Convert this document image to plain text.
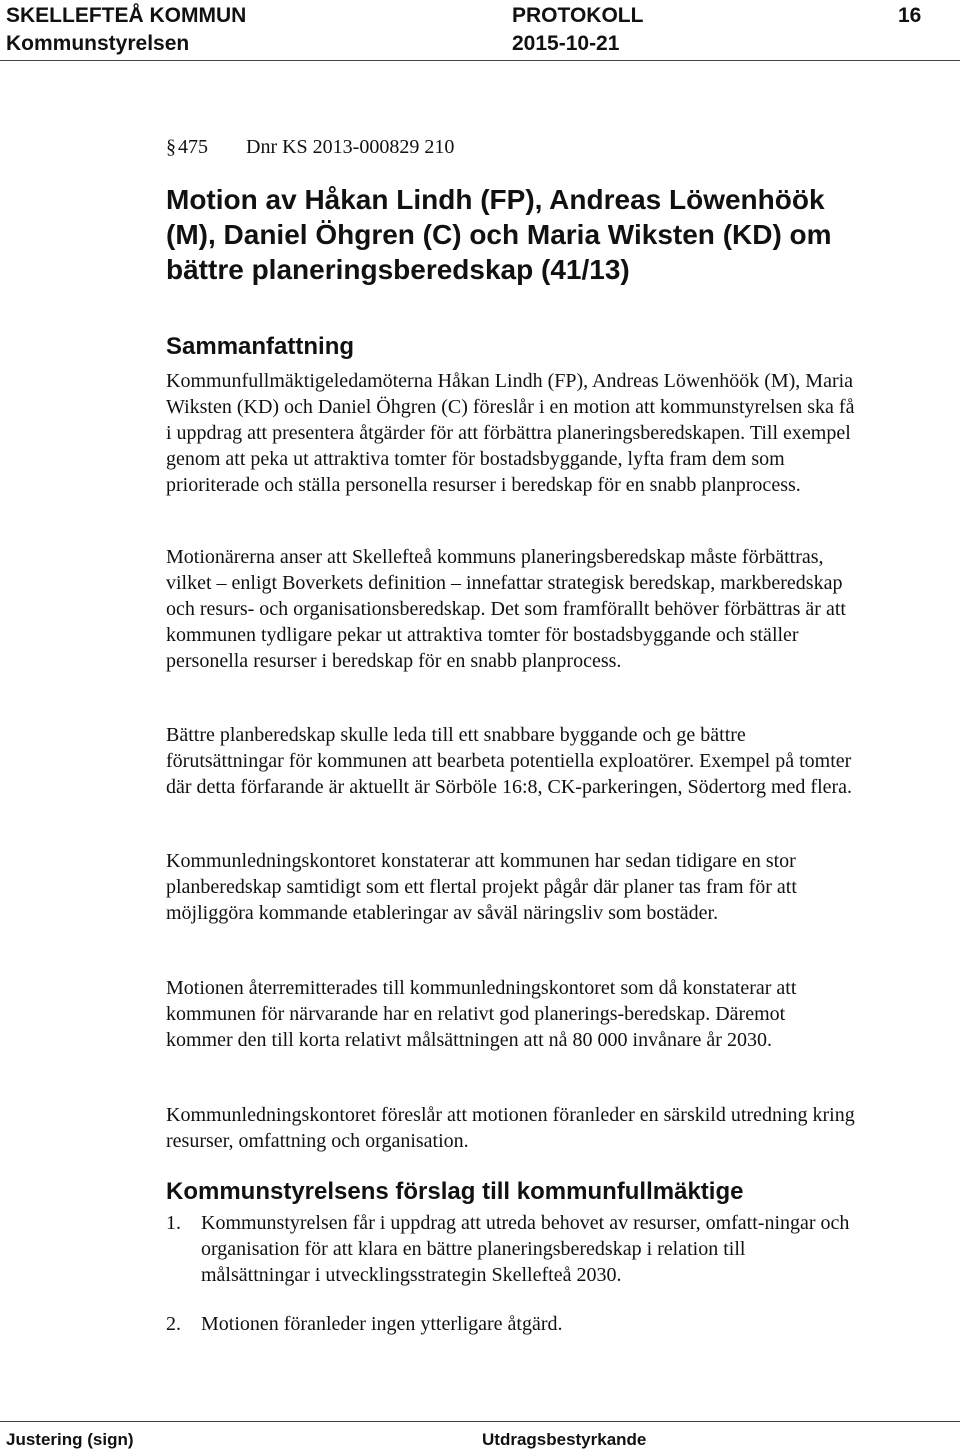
SKELLEFTEÅ KOMMUN	PROTOKOLL	16
Kommunstyrelsen	2015-10-21
§ 475 Dnr KS 2013-000829 210
Motion av Håkan Lindh (FP), Andreas Löwenhöök (M), Daniel Öhgren (C) och Maria Wiksten (KD) om bättre planeringsberedskap (41/13)
Sammanfattning

Kommunfullmäktigeledamöterna Håkan Lindh (FP), Andreas Löwenhöök (M), Maria Wiksten (KD) och Daniel Öhgren (C) föreslår i en motion att kommunstyrelsen ska få i uppdrag att presentera åtgärder för att förbättra planeringsberedskapen. Till exempel genom att peka ut attraktiva tomter för bostadsbyggande, lyfta fram dem som prioriterade och ställa personella resurser i beredskap för en snabb planprocess.

Motionärerna anser att Skellefteå kommuns planeringsberedskap måste förbättras, vilket – enligt Boverkets definition – innefattar strategisk beredskap, markberedskap och resurs- och organisationsberedskap. Det som framförallt behöver förbättras är att kommunen tydligare pekar ut attraktiva tomter för bostadsbyggande och ställer personella resurser i beredskap för en snabb planprocess.

Bättre planberedskap skulle leda till ett snabbare byggande och ge bättre förutsättningar för kommunen att bearbeta potentiella exploatörer. Exempel på tomter där detta förfarande är aktuellt är Sörböle 16:8, CK-parkeringen, Södertorg med flera.

Kommunledningskontoret konstaterar att kommunen har sedan tidigare en stor planberedskap samtidigt som ett flertal projekt pågår där planer tas fram för att möjliggöra kommande etableringar av såväl näringsliv som bostäder.

Motionen återremitterades till kommunledningskontoret som då konstaterar att kommunen för närvarande har en relativt god planerings-beredskap. Däremot kommer den till korta relativt målsättningen att nå 80 000 invånare år 2030.

Kommunledningskontoret föreslår att motionen föranleder en särskild utredning kring resurser, omfattning och organisation.

Kommunstyrelsens förslag till kommunfullmäktige
1. Kommunstyrelsen får i uppdrag att utreda behovet av resurser, omfatt-ningar och organisation för att klara en bättre planeringsberedskap i relation till målsättningar i utvecklingsstrategin Skellefteå 2030.
2. Motionen föranleder ingen ytterligare åtgärd.
Justering (sign)	Utdragsbestyrkande
